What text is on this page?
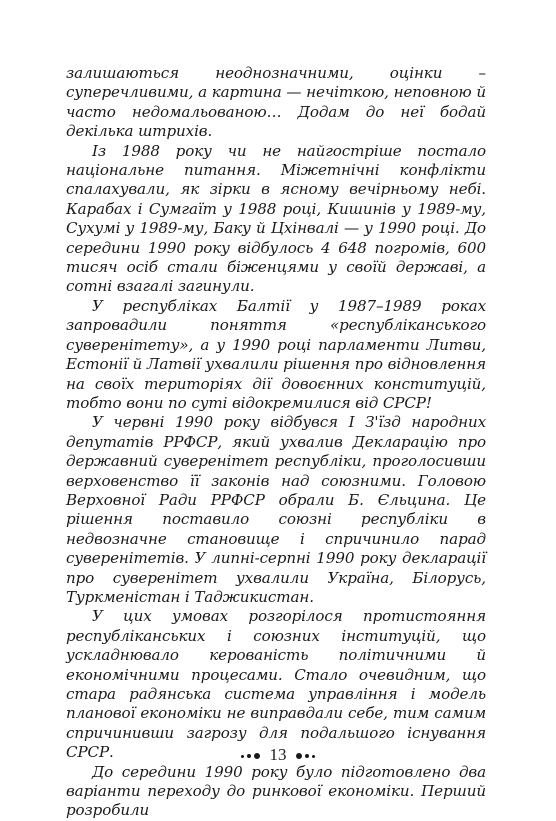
залишаються неоднозначними, оцінки – суперечливими, а картина — нечіткою, неповною й часто недомальованою… Додам до неї бодай декілька штрихів.

Із 1988 року чи не найгостріше постало національне питання. Міжетнічні конфлікти спалахували, як зірки в ясному вечірньому небі. Карабах і Сумгаїт у 1988 році, Кишинів у 1989-му, Сухумі у 1989-му, Баку й Цхінвалі — у 1990 році. До середини 1990 року відбулось 4 648 погромів, 600 тисяч осіб стали біженцями у своїй державі, а сотні взагалі загинули.

У республіках Балтії у 1987–1989 роках запровадили поняття «республіканського суверенітету», а у 1990 році парламенти Литви, Естонії й Латвії ухвалили рішення про відновлення на своїх територіях дії довоєнних конституцій, тобто вони по суті відокремилися від СРСР!

У червні 1990 року відбувся І З'їзд народних депутатів РРФСР, який ухвалив Декларацію про державний суверенітет республіки, проголосивши верховенство її законів над союзними. Головою Верховної Ради РРФСР обрали Б. Єльцина. Це рішення поставило союзні республіки в недвозначне становище і спричинило парад суверенітетів. У липні-серпні 1990 року декларації про суверенітет ухвалили Україна, Білорусь, Туркменістан і Таджикистан.

У цих умовах розгорілося протистояння республіканських і союзних інституцій, що ускладнювало керованість політичними й економічними процесами. Стало очевидним, що стара радянська система управління і модель планової економіки не виправдали себе, тим самим спричинивши загрозу для подальшого існування СРСР.

До середини 1990 року було підготовлено два варіанти переходу до ринкової економіки. Перший розробили

13
